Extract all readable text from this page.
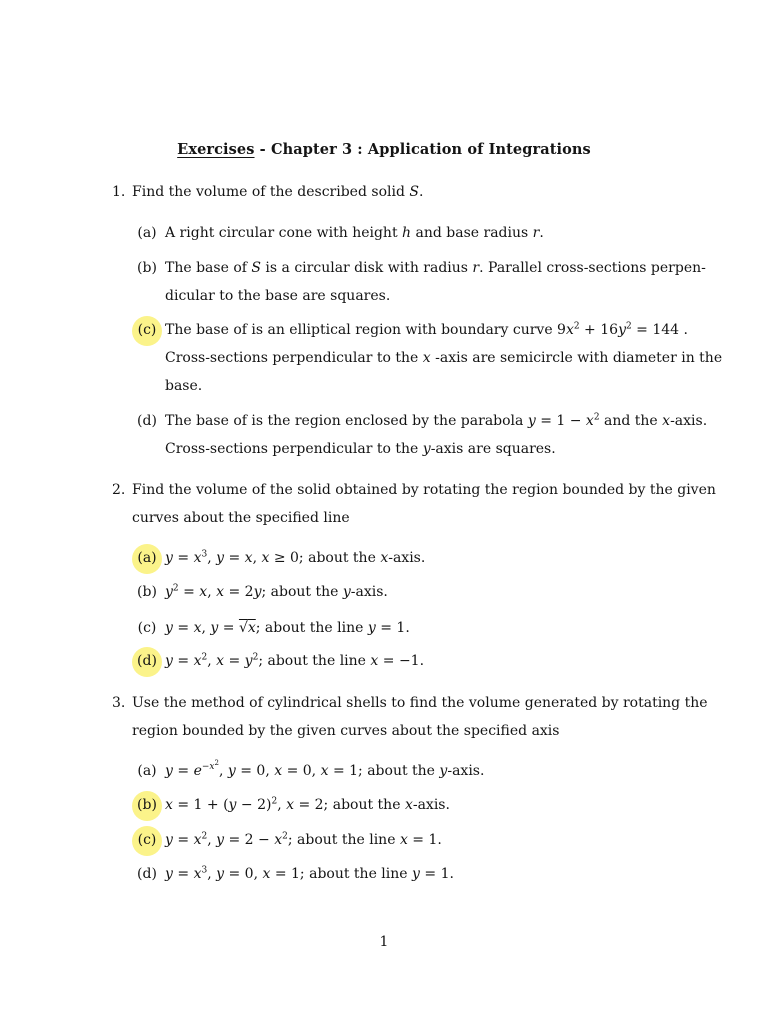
Exercises - Chapter 3 : Application of Integrations
1. Find the volume of the described solid S.
(a) A right circular cone with height h and base radius r.
(b) The base of S is a circular disk with radius r. Parallel cross-sections perpen-
dicular to the base are squares.
(c) The base of is an elliptical region with boundary curve $9x^2 + 16y^2 = 144$ .
Cross-sections perpendicular to the x -axis are semicircle with diameter in the
base.
(d) The base of is the region enclosed by the parabola $y = 1 - x^2$ and the x-axis.
Cross-sections perpendicular to the y-axis are squares.
2. Find the volume of the solid obtained by rotating the region bounded by the given
curves about the specified line
(a) $y = x^3$, y = x, x ≥ 0; about the x-axis.
(b) $y^2 = x$, x = 2y; about the y-axis.
(c) y = x, y = √x; about the line y = 1.
(d) $y = x^2$, $x = y^2$; about the line x = −1.
3. Use the method of cylindrical shells to find the volume generated by rotating the
region bounded by the given curves about the specified axis
(a) $y = e^{-x^2}$, y = 0, x = 0, x = 1; about the y-axis.
(b) $x = 1 + (y - 2)^2$, x = 2; about the x-axis.
(c) $y = x^2$, $y = 2 - x^2$; about the line x = 1.
(d) $y = x^3$, y = 0, x = 1; about the line y = 1.
1
